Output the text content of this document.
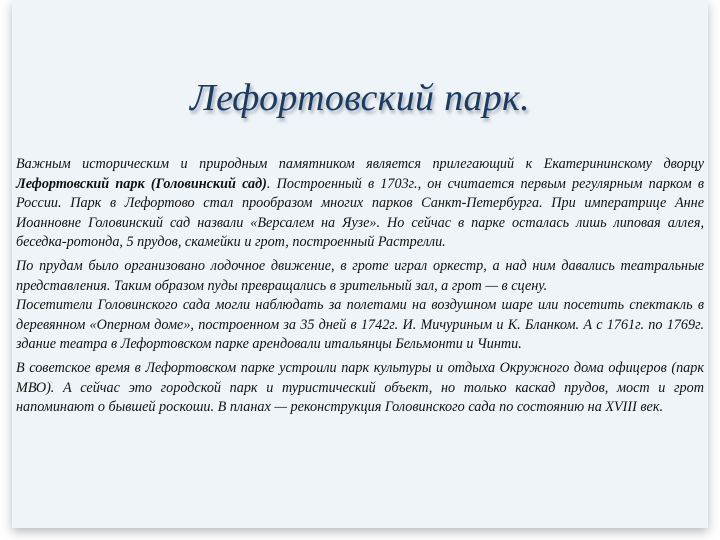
Лефортовский парк.

Важным историческим и природным памятником является прилегающий к Екатерининскому дворцу Лефортовский парк (Головинский сад). Построенный в 1703г., он считается первым регулярным парком в России. Парк в Лефортово стал прообразом многих парков Санкт-Петербурга. При императрице Анне Иоанновне Головинский сад назвали «Версалем на Яузе». Но сейчас в парке осталась лишь липовая аллея, беседка-ротонда, 5 прудов, скамейки и грот, построенный Растрелли.

По прудам было организовано лодочное движение, в гроте играл оркестр, а над ним давались театральные представления. Таким образом пуды превращались в зрительный зал, а грот — в сцену.

Посетители Головинского сада могли наблюдать за полетами на воздушном шаре или посетить спектакль в деревянном «Оперном доме», построенном за 35 дней в 1742г. И. Мичуриным и К. Бланком. А с 1761г. по 1769г. здание театра в Лефортовском парке арендовали итальянцы Бельмонти и Чинти.

В советское время в Лефортовском парке устроили парк культуры и отдыха Окружного дома офицеров (парк МВО). А сейчас это городской парк и туристический объект, но только каскад прудов, мост и грот напоминают о бывшей роскоши. В планах — реконструкция Головинского сада по состоянию на XVIII век.
